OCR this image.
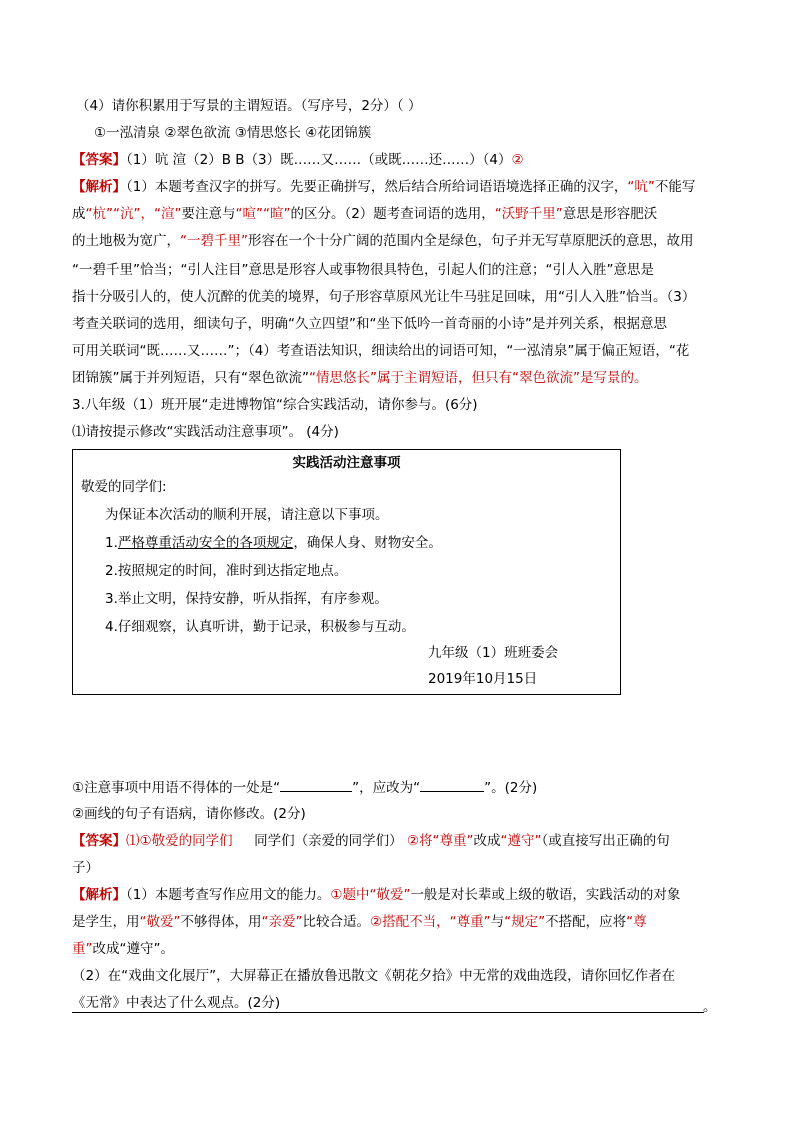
（4）请你积累用于写景的主谓短语。（写序号，2分）（ ）
①一泓清泉 ②翠色欲流 ③情思悠长 ④花团锦簇
【答案】（1）吭 渲（2）B B（3）既……又……（或既……还……）（4）②
【解析】（1）本题考查汉字的拼写。先要正确拼写，然后结合所给词语语境选择正确的汉字，“吭”不能写
成“杭”“沆”，“渲”要注意与“喧”“暄”的区分。（2）题考查词语的选用，“沃野千里”意思是形容肥沃
的土地极为宽广，“一碧千里”形容在一个十分广阔的范围内全是绿色，句子并无写草原肥沃的意思，故用
“一碧千里”恰当；“引人注目”意思是形容人或事物很具特色，引起人们的注意；“引人入胜”意思是
指十分吸引人的，使人沉醉的优美的境界，句子形容草原风光让牛马驻足回味，用“引人入胜”恰当。（3）
考查关联词的选用，细读句子，明确“久立四望”和“坐下低吟一首奇丽的小诗”是并列关系，根据意思
可用关联词“既……又……”；（4）考查语法知识，细读给出的词语可知，“一泓清泉”属于偏正短语，“花
团锦簇”属于并列短语，只有“翠色欲流”“情思悠长”属于主谓短语，但只有“翠色欲流”是写景的。
3.八年级（1）班开展“走进博物馆“综合实践活动，请你参与。(6分)
⑴请按提示修改“实践活动注意事项”。 (4分)
实践活动注意事项
敬爱的同学们:
为保证本次活动的顺利开展，请注意以下事项。
1.严格尊重活动安全的各项规定，确保人身、财物安全。
2.按照规定的时间，准时到达指定地点。
3.举止文明，保持安静，听从指挥，有序参观。
4.仔细观察，认真听讲，勤于记录，积极参与互动。
九年级（1）班班委会
2019年10月15日
①注意事项中用语不得体的一处是“	”，应改为“	”。(2分)
②画线的句子有语病，请你修改。(2分)
【答案】⑴①敬爱的同学们     同学们（亲爱的同学们） ②将“尊重”改成“遵守”（或直接写出正确的句
子）
【解析】（1）本题考查写作应用文的能力。①题中“敬爱”一般是对长辈或上级的敬语，实践活动的对象
是学生，用“敬爱”不够得体，用“亲爱”比较合适。②搭配不当，“尊重”与“规定”不搭配，应将“尊
重”改成“遵守”。
（2）在“戏曲文化展厅”，大屏幕正在播放鲁迅散文《朝花夕拾》中无常的戏曲选段，请你回忆作者在
《无常》中表达了什么观点。(2分)	。
